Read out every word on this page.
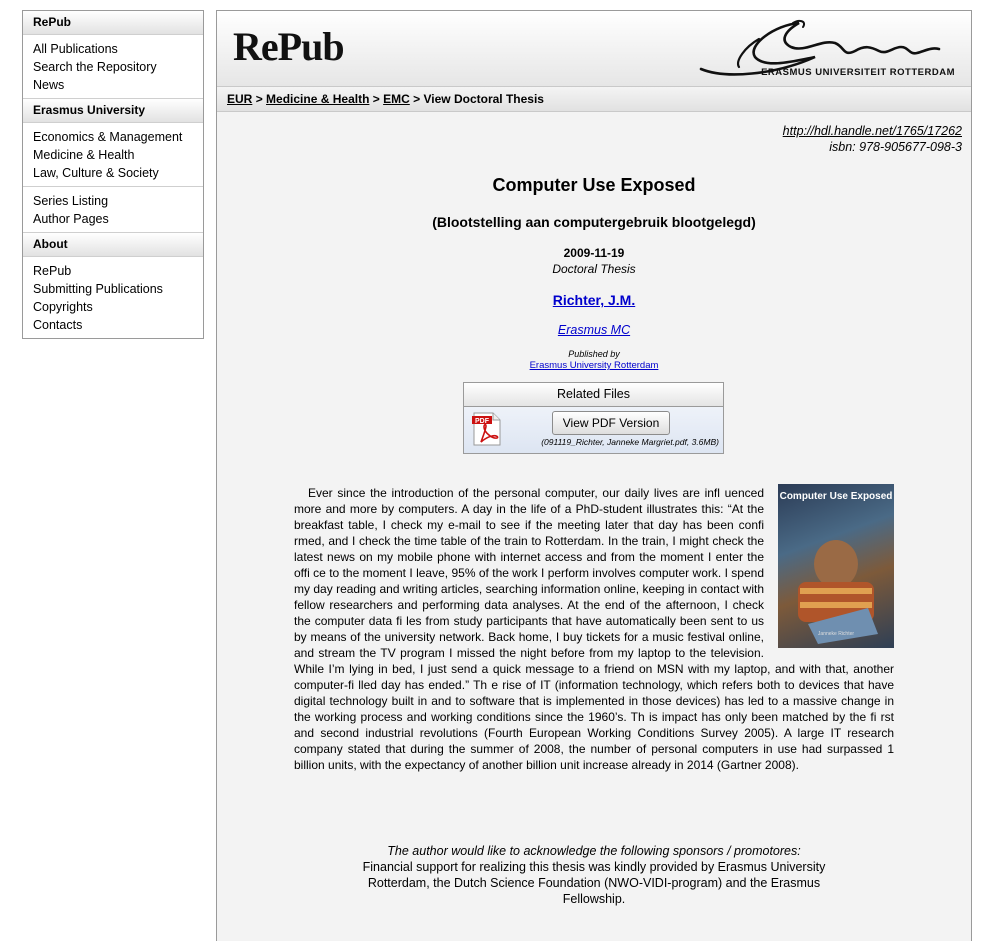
RePub
All Publications
Search the Repository
News
Erasmus University
Economics & Management
Medicine & Health
Law, Culture & Society
Series Listing
Author Pages
About
RePub
Submitting Publications
Copyrights
Contacts
RePub
ERASMUS UNIVERSITEIT ROTTERDAM
EUR > Medicine & Health > EMC > View Doctoral Thesis
http://hdl.handle.net/1765/17262
isbn: 978-905677-098-3
Computer Use Exposed
(Blootstelling aan computergebruik blootgelegd)
2009-11-19
Doctoral Thesis
Richter, J.M.
Erasmus MC
Published by
Erasmus University Rotterdam
Related Files
PDF	View PDF Version
(091119_Richter, Janneke Margriet.pdf, 3.6MB)
Computer Use Exposed
Janneke Richter
Ever since the introduction of the personal computer, our daily lives are infl uenced more and more by computers. A day in the life of a PhD-student illustrates this: “At the breakfast table, I check my e-mail to see if the meeting later that day has been confi rmed, and I check the time table of the train to Rotterdam. In the train, I might check the latest news on my mobile phone with internet access and from the moment I enter the offi ce to the moment I leave, 95% of the work I perform involves computer work. I spend my day reading and writing articles, searching information online, keeping in contact with fellow researchers and performing data analyses. At the end of the afternoon, I check the computer data fi les from study participants that have automatically been sent to us by means of the university network. Back home, I buy tickets for a music festival online, and stream the TV program I missed the night before from my laptop to the television. While I’m lying in bed, I just send a quick message to a friend on MSN with my laptop, and with that, another computer-fi lled day has ended.” Th e rise of IT (information technology, which refers both to devices that have digital technology built in and to software that is implemented in those devices) has led to a massive change in the working process and working conditions since the 1960’s. Th is impact has only been matched by the fi rst and second industrial revolutions (Fourth European Working Conditions Survey 2005). A large IT research company stated that during the summer of 2008, the number of personal computers in use had surpassed 1 billion units, with the expectancy of another billion unit increase already in 2014 (Gartner 2008).
The author would like to acknowledge the following sponsors / promotores:
Financial support for realizing this thesis was kindly provided by Erasmus University Rotterdam, the Dutch Science Foundation (NWO-VIDI-program) and the Erasmus Fellowship.
